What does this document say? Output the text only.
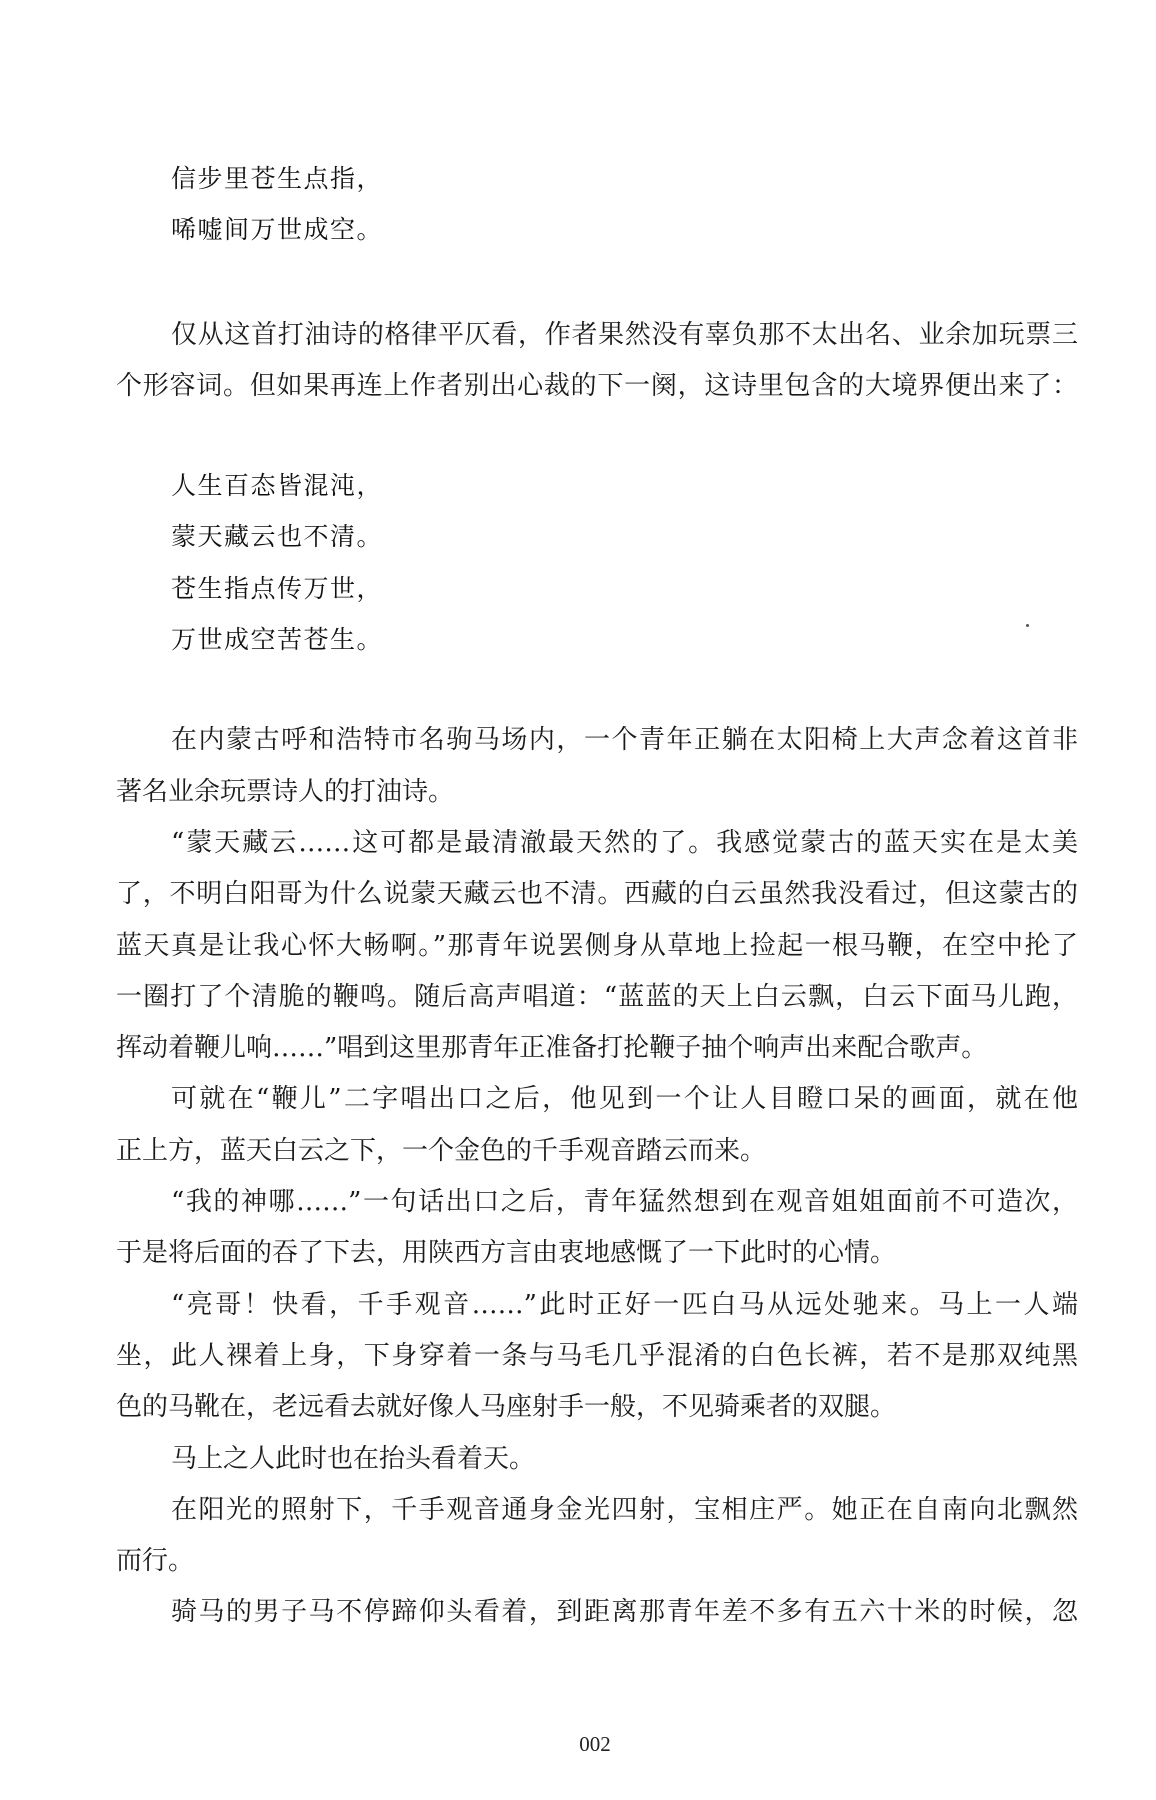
信步里苍生点指，
唏嘘间万世成空。
仅从这首打油诗的格律平仄看，作者果然没有辜负那不太出名、业余加玩票三
个形容词。但如果再连上作者别出心裁的下一阕，这诗里包含的大境界便出来了：
人生百态皆混沌，
蒙天藏云也不清。
苍生指点传万世，
万世成空苦苍生。
在内蒙古呼和浩特市名驹马场内，一个青年正躺在太阳椅上大声念着这首非
著名业余玩票诗人的打油诗。
“蒙天藏云……这可都是最清澈最天然的了。我感觉蒙古的蓝天实在是太美
了，不明白阳哥为什么说蒙天藏云也不清。西藏的白云虽然我没看过，但这蒙古的
蓝天真是让我心怀大畅啊。”那青年说罢侧身从草地上捡起一根马鞭，在空中抡了
一圈打了个清脆的鞭鸣。随后高声唱道：“蓝蓝的天上白云飘，白云下面马儿跑，
挥动着鞭儿响……”唱到这里那青年正准备打抡鞭子抽个响声出来配合歌声。
可就在“鞭儿”二字唱出口之后，他见到一个让人目瞪口呆的画面，就在他
正上方，蓝天白云之下，一个金色的千手观音踏云而来。
“我的神哪……”一句话出口之后，青年猛然想到在观音姐姐面前不可造次，
于是将后面的吞了下去，用陕西方言由衷地感慨了一下此时的心情。
“亮哥！快看，千手观音……”此时正好一匹白马从远处驰来。马上一人端
坐，此人裸着上身，下身穿着一条与马毛几乎混淆的白色长裤，若不是那双纯黑
色的马靴在，老远看去就好像人马座射手一般，不见骑乘者的双腿。
马上之人此时也在抬头看着天。
在阳光的照射下，千手观音通身金光四射，宝相庄严。她正在自南向北飘然
而行。
骑马的男子马不停蹄仰头看着，到距离那青年差不多有五六十米的时候，忽
002
